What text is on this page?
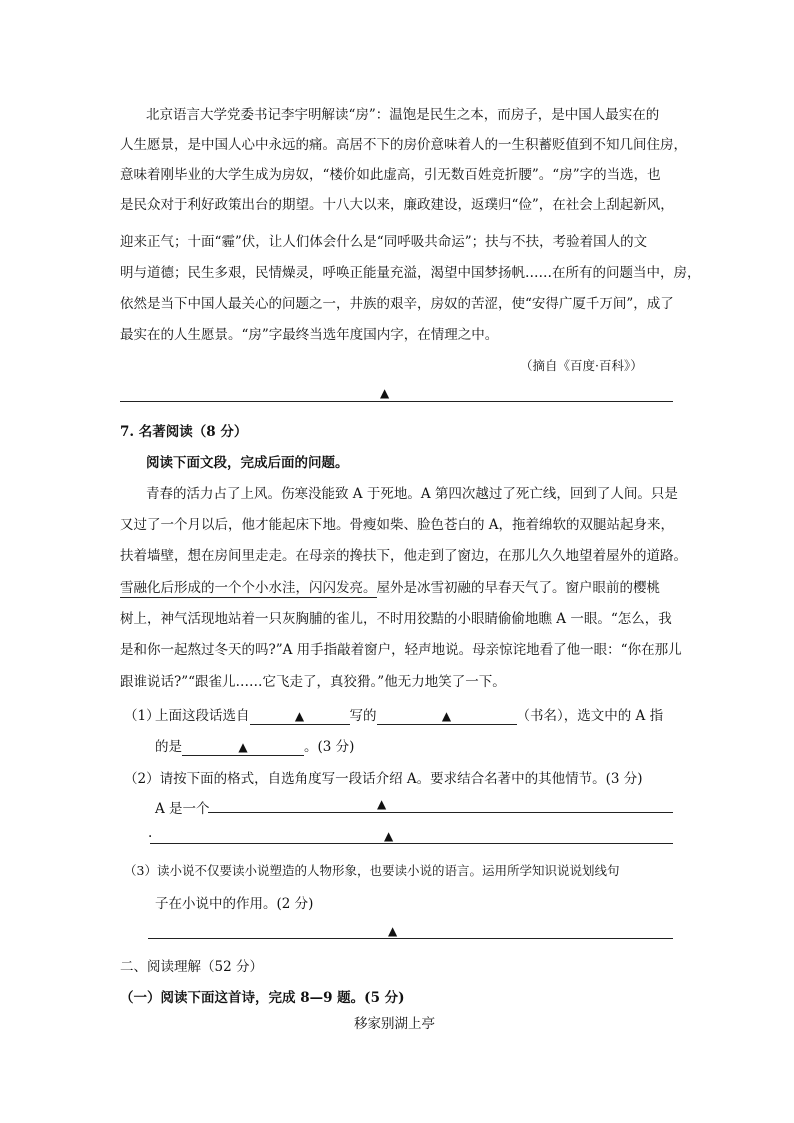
北京语言大学党委书记李宇明解读“房”：温饱是民生之本，而房子，是中国人最实在的
人生愿景，是中国人心中永远的痛。高居不下的房价意味着人的一生积蓄贬值到不知几间住房，
意味着刚毕业的大学生成为房奴，“楼价如此虚高，引无数百姓竞折腰”。“房”字的当选，也
是民众对于利好政策出台的期望。十八大以来，廉政建设，返璞归“俭”，在社会上刮起新风，
迎来正气；十面“霾”伏，让人们体会什么是“同呼吸共命运”；扶与不扶，考验着国人的文
明与道德；民生多艰，民情燥灵，呼唤正能量充溢，渴望中国梦扬帆……在所有的问题当中，房，
依然是当下中国人最关心的问题之一，井族的艰辛，房奴的苦涩，使“安得广厦千万间”，成了
最实在的人生愿景。“房”字最终当选年度国内字，在情理之中。
（摘自《百度·百科》）
▲
7. 名著阅读（8 分）
阅读下面文段，完成后面的问题。
青春的活力占了上风。伤寒没能致 A 于死地。A 第四次越过了死亡线，回到了人间。只是
又过了一个月以后，他才能起床下地。骨瘦如柴、脸色苍白的 A，拖着绵软的双腿站起身来，
扶着墙壁，想在房间里走走。在母亲的搀扶下，他走到了窗边，在那儿久久地望着屋外的道路。
雪融化后形成的一个个小水洼，闪闪发亮。屋外是冰雪初融的早春天气了。窗户眼前的樱桃
树上，神气活现地站着一只灰胸脯的雀儿，不时用狡黠的小眼睛偷偷地瞧 A 一眼。“怎么，我
是和你一起熬过冬天的吗?”A 用手指敲着窗户，轻声地说。母亲惊诧地看了他一眼：“你在那儿
跟谁说话?”“跟雀儿……它飞走了，真狡猾。”他无力地笑了一下。
（1）
上面这段话选自	▲	写的	▲	（书名），选文中的 A 指
的是	▲	。(3 分)
（2）请按下面的格式，自选角度写一段话介绍 A。要求结合名著中的其他情节。(3 分)
A 是一个	▲
.	▲
（3）读小说不仅要读小说塑造的人物形象，也要读小说的语言。运用所学知识说说划线句
子在小说中的作用。(2 分)
▲
二、阅读理解（52 分）
（一）阅读下面这首诗，完成 8—9 题。(5 分)
移家别湖上亭
